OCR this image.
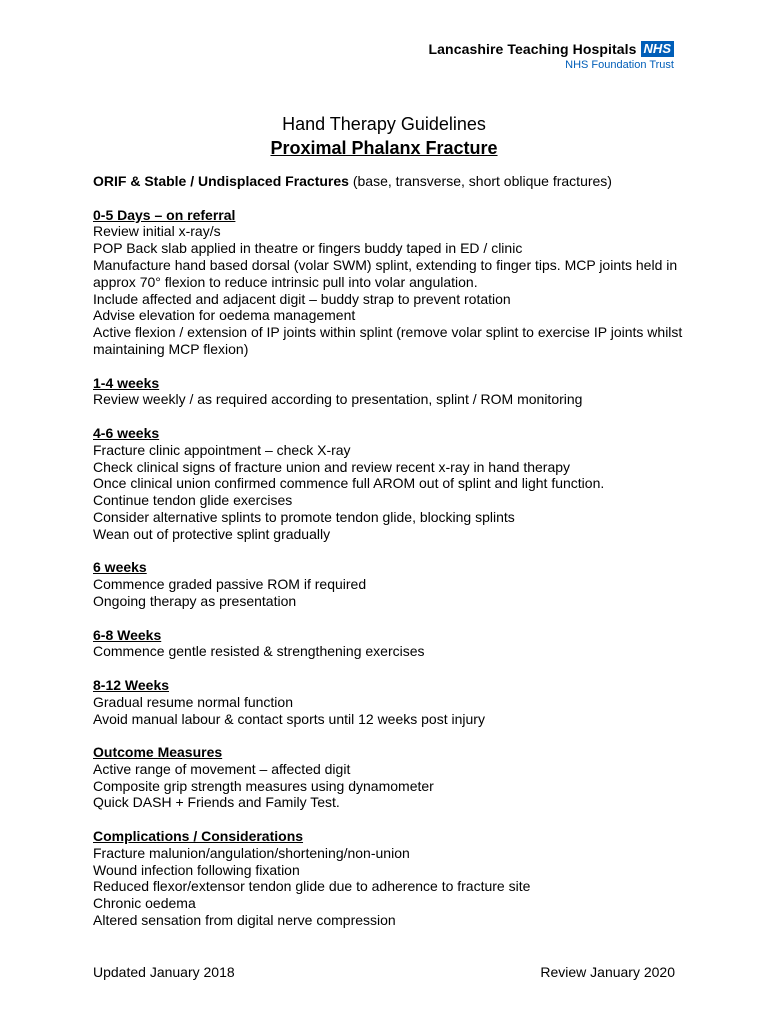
Lancashire Teaching Hospitals NHS
NHS Foundation Trust
Hand Therapy Guidelines
Proximal Phalanx Fracture
ORIF & Stable / Undisplaced Fractures (base, transverse, short oblique fractures)
0-5 Days – on referral
Review initial x-ray/s
POP Back slab applied in theatre or fingers buddy taped in ED / clinic
Manufacture hand based dorsal (volar SWM) splint, extending to finger tips. MCP joints held in approx 70° flexion to reduce intrinsic pull into volar angulation.
Include affected and adjacent digit – buddy strap to prevent rotation
Advise elevation for oedema management
Active flexion / extension of IP joints within splint (remove volar splint to exercise IP joints whilst maintaining MCP flexion)
1-4 weeks
Review weekly / as required according to presentation, splint / ROM monitoring
4-6 weeks
Fracture clinic appointment – check X-ray
Check clinical signs of fracture union and review recent x-ray in hand therapy
Once clinical union confirmed commence full AROM out of splint and light function.
Continue tendon glide exercises
Consider alternative splints to promote tendon glide, blocking splints
Wean out of protective splint gradually
6 weeks
Commence graded passive ROM if required
Ongoing therapy as presentation
6-8 Weeks
Commence gentle resisted & strengthening exercises
8-12 Weeks
Gradual resume normal function
Avoid manual labour & contact sports until 12 weeks post injury
Outcome Measures
Active range of movement – affected digit
Composite grip strength measures using dynamometer
Quick DASH + Friends and Family Test.
Complications / Considerations
Fracture malunion/angulation/shortening/non-union
Wound infection following fixation
Reduced flexor/extensor tendon glide due to adherence to fracture site
Chronic oedema
Altered sensation from digital nerve compression
Updated January 2018	Review January 2020
